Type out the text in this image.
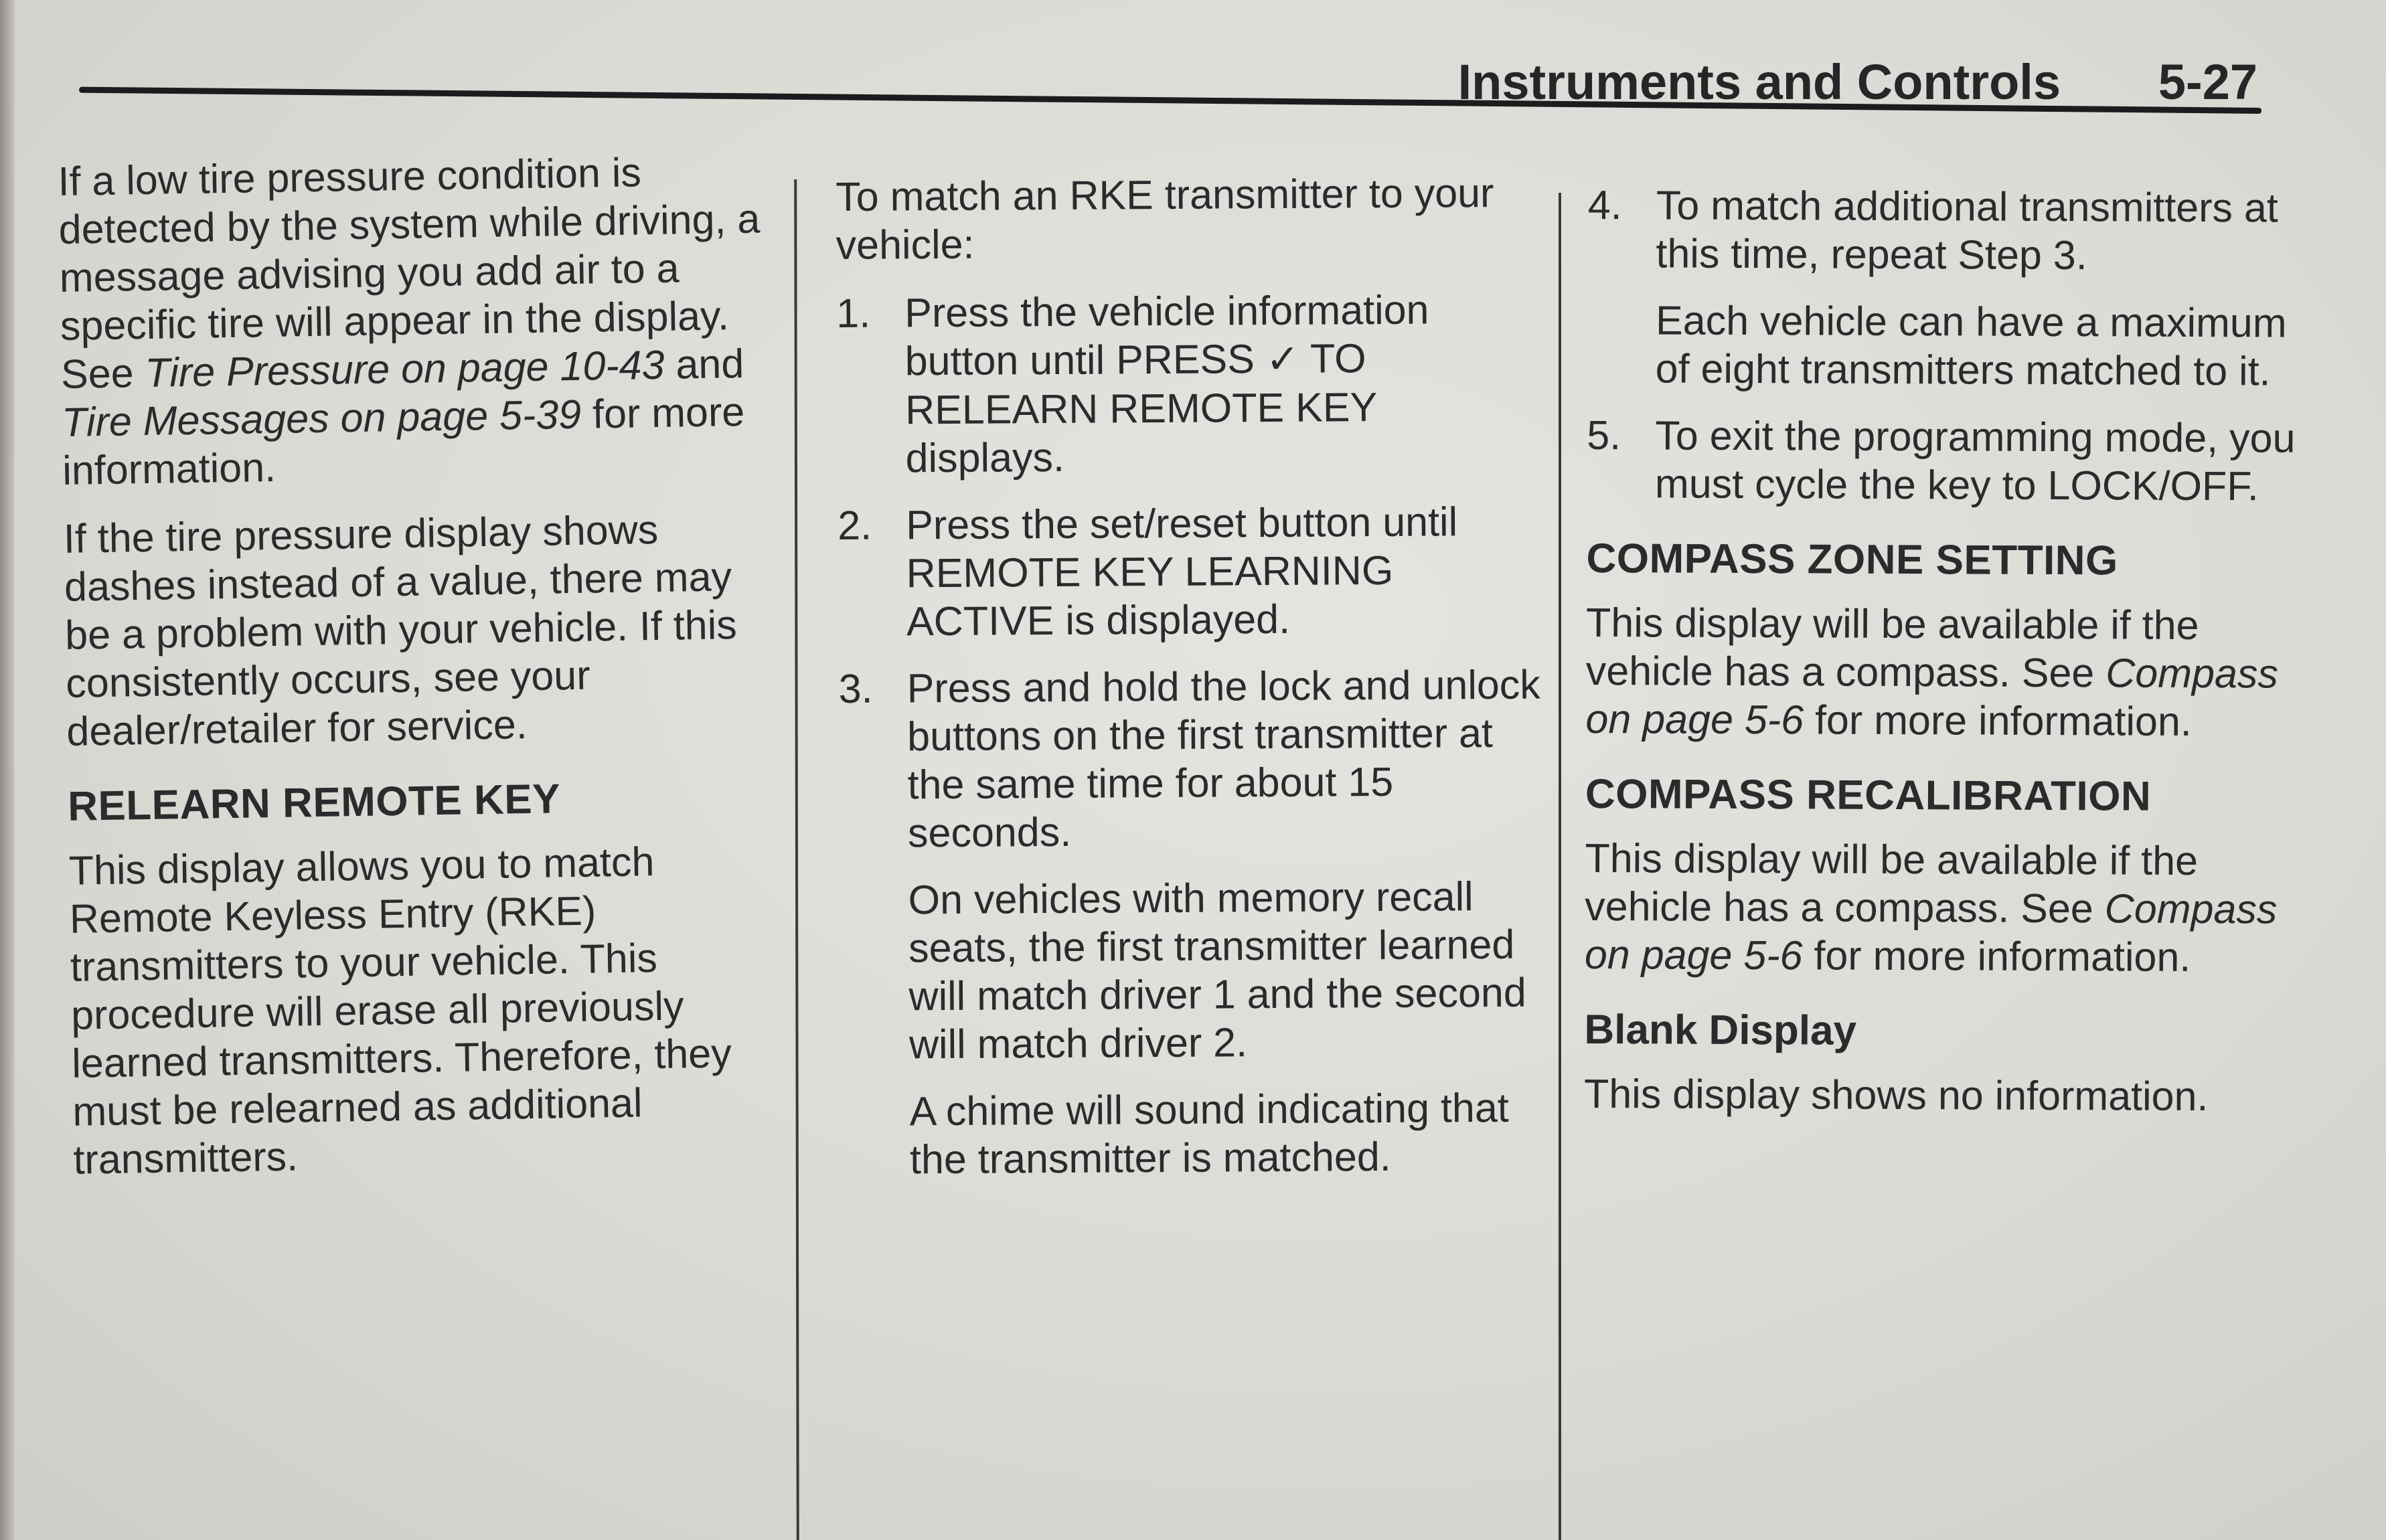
Instruments and Controls 5-27

If a low tire pressure condition is detected by the system while driving, a message advising you add air to a specific tire will appear in the display. See Tire Pressure on page 10-43 and Tire Messages on page 5-39 for more information.

If the tire pressure display shows dashes instead of a value, there may be a problem with your vehicle. If this consistently occurs, see your dealer/retailer for service.

RELEARN REMOTE KEY

This display allows you to match Remote Keyless Entry (RKE) transmitters to your vehicle. This procedure will erase all previously learned transmitters. Therefore, they must be relearned as additional transmitters.

To match an RKE transmitter to your vehicle:

1. Press the vehicle information button until PRESS ✓ TO RELEARN REMOTE KEY displays.
2. Press the set/reset button until REMOTE KEY LEARNING ACTIVE is displayed.
3. Press and hold the lock and unlock buttons on the first transmitter at the same time for about 15 seconds.

On vehicles with memory recall seats, the first transmitter learned will match driver 1 and the second will match driver 2.

A chime will sound indicating that the transmitter is matched.

4. To match additional transmitters at this time, repeat Step 3.

Each vehicle can have a maximum of eight transmitters matched to it.

5. To exit the programming mode, you must cycle the key to LOCK/OFF.
COMPASS ZONE SETTING

This display will be available if the vehicle has a compass. See Compass on page 5-6 for more information.

COMPASS RECALIBRATION

This display will be available if the vehicle has a compass. See Compass on page 5-6 for more information.

Blank Display

This display shows no information.
